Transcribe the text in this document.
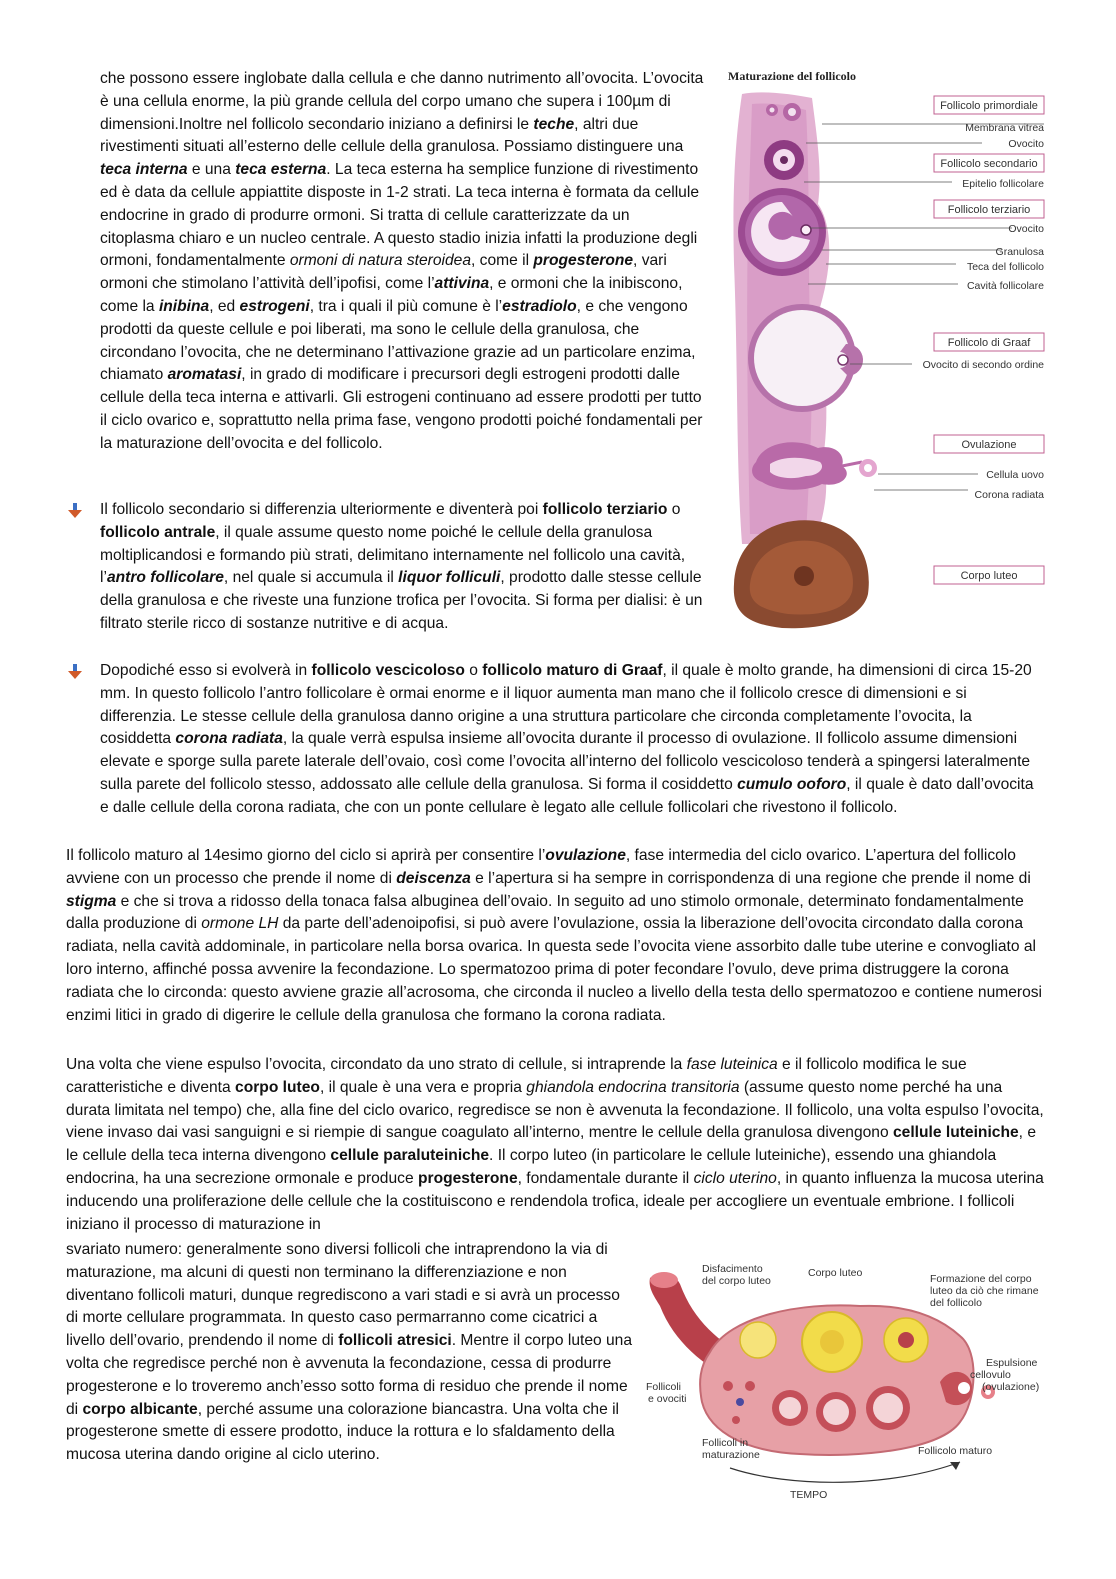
che possono essere inglobate dalla cellula e che danno nutrimento all’ovocita. L’ovocita è una cellula enorme, la più grande cellula del corpo umano che supera i 100µm di dimensioni.Inoltre nel follicolo secondario iniziano a definirsi le teche, altri due rivestimenti situati all’esterno delle cellule della granulosa. Possiamo distinguere una teca interna e una teca esterna. La teca esterna ha semplice funzione di rivestimento ed è data da cellule appiattite disposte in 1-2 strati. La teca interna è formata da cellule endocrine in grado di produrre ormoni. Si tratta di cellule caratterizzate da un citoplasma chiaro e un nucleo centrale. A questo stadio inizia infatti la produzione degli ormoni, fondamentalmente ormoni di natura steroidea, come il progesterone, vari ormoni che stimolano l’attività dell’ipofisi, come l’attivina, e ormoni che la inibiscono, come la inibina, ed estrogeni, tra i quali il più comune è l’estradiolo, e che vengono prodotti da queste cellule e poi liberati, ma sono le cellule della granulosa, che circondano l’ovocita, che ne determinano l’attivazione grazie ad un particolare enzima, chiamato aromatasi, in grado di modificare i precursori degli estrogeni prodotti dalle cellule della teca interna e attivarli. Gli estrogeni continuano ad essere prodotti per tutto il ciclo ovarico e, soprattutto nella prima fase, vengono prodotti poiché fondamentali per la maturazione dell’ovocita e del follicolo.
Il follicolo secondario si differenzia ulteriormente e diventerà poi follicolo terziario o follicolo antrale, il quale assume questo nome poiché le cellule della granulosa moltiplicandosi e formando più strati, delimitano internamente nel follicolo una cavità, l’antro follicolare, nel quale si accumula il liquor folliculi, prodotto dalle stesse cellule della granulosa e che riveste una funzione trofica per l’ovocita. Si forma per dialisi: è un filtrato sterile ricco di sostanze nutritive e di acqua.
Dopodiché esso si evolverà in follicolo vescicoloso o follicolo maturo di Graaf, il quale è molto grande, ha dimensioni di circa 15-20 mm. In questo follicolo l’antro follicolare è ormai enorme e il liquor aumenta man mano che il follicolo cresce di dimensioni e si differenzia. Le stesse cellule della granulosa danno origine a una struttura particolare che circonda completamente l’ovocita, la cosiddetta corona radiata, la quale verrà espulsa insieme all’ovocita durante il processo di ovulazione. Il follicolo assume dimensioni elevate e sporge sulla parete laterale dell’ovaio, così come l’ovocita all’interno del follicolo vescicoloso tenderà a spingersi lateralmente sulla parete del follicolo stesso, addossato alle cellule della granulosa. Si forma il cosiddetto cumulo ooforo, il quale è dato dall’ovocita e dalle cellule della corona radiata, che con un ponte cellulare è legato alle cellule follicolari che rivestono il follicolo.
Il follicolo maturo al 14esimo giorno del ciclo si aprirà per consentire l’ovulazione, fase intermedia del ciclo ovarico. L’apertura del follicolo avviene con un processo che prende il nome di deiscenza e l’apertura si ha sempre in corrispondenza di una regione che prende il nome di stigma e che si trova a ridosso della tonaca falsa albuginea dell’ovaio. In seguito ad uno stimolo ormonale, determinato fondamentalmente dalla produzione di ormone LH da parte dell’adenoipofisi, si può avere l’ovulazione, ossia la liberazione dell’ovocita circondato dalla corona radiata, nella cavità addominale, in particolare nella borsa ovarica. In questa sede l’ovocita viene assorbito dalle tube uterine e convogliato al loro interno, affinché possa avvenire la fecondazione. Lo spermatozoo prima di poter fecondare l’ovulo, deve prima distruggere la corona radiata che lo circonda: questo avviene grazie all’acrosoma, che circonda il nucleo a livello della testa dello spermatozoo e contiene numerosi enzimi litici in grado di digerire le cellule della granulosa che formano la corona radiata.
Una volta che viene espulso l’ovocita, circondato da uno strato di cellule, si intraprende la fase luteinica e il follicolo modifica le sue caratteristiche e diventa corpo luteo, il quale è una vera e propria ghiandola endocrina transitoria (assume questo nome perché ha una durata limitata nel tempo) che, alla fine del ciclo ovarico, regredisce se non è avvenuta la fecondazione. Il follicolo, una volta espulso l’ovocita, viene invaso dai vasi sanguigni e si riempie di sangue coagulato all’interno, mentre le cellule della granulosa divengono cellule luteiniche, e le cellule della teca interna divengono cellule paraluteiniche. Il corpo luteo (in particolare le cellule luteiniche), essendo una ghiandola endocrina, ha una secrezione ormonale e produce progesterone, fondamentale durante il ciclo uterino, in quanto influenza la mucosa uterina inducendo una proliferazione delle cellule che la costituiscono e rendendola trofica, ideale per accogliere un eventuale embrione. I follicoli iniziano il processo di maturazione in
svariato numero: generalmente sono diversi follicoli che intraprendono la via di maturazione, ma alcuni di questi non terminano la differenziazione e non diventano follicoli maturi, dunque regrediscono a vari stadi e si avrà un processo di morte cellulare programmata. In questo caso permarranno come cicatrici a livello dell’ovario, prendendo il nome di follicoli atresici. Mentre il corpo luteo una volta che regredisce perché non è avvenuta la fecondazione, cessa di produrre progesterone e lo troveremo anch’esso sotto forma di residuo che prende il nome di corpo albicante, perché assume una colorazione biancastra. Una volta che il progesterone smette di essere prodotto, induce la rottura e lo sfaldamento della mucosa uterina dando origine al ciclo uterino.
Maturazione del follicolo
Follicolo primordiale
Membrana vitrea
Ovocito
Follicolo secondario
Epitelio follicolare
Follicolo terziario
Ovocito
Granulosa
Teca del follicolo
Cavità follicolare
Follicolo di Graaf
Ovocito di secondo ordine
Ovulazione
Cellula uovo
Corona radiata
Corpo luteo
Disfacimento
del corpo luteo
Corpo luteo	Formazione del corpo
luteo da ciò che rimane
del follicolo
Espulsione
cellovulo
(ovulazione)
Follicoli
e ovociti
Follicoli in
maturazione	Follicolo maturo
TEMPO
